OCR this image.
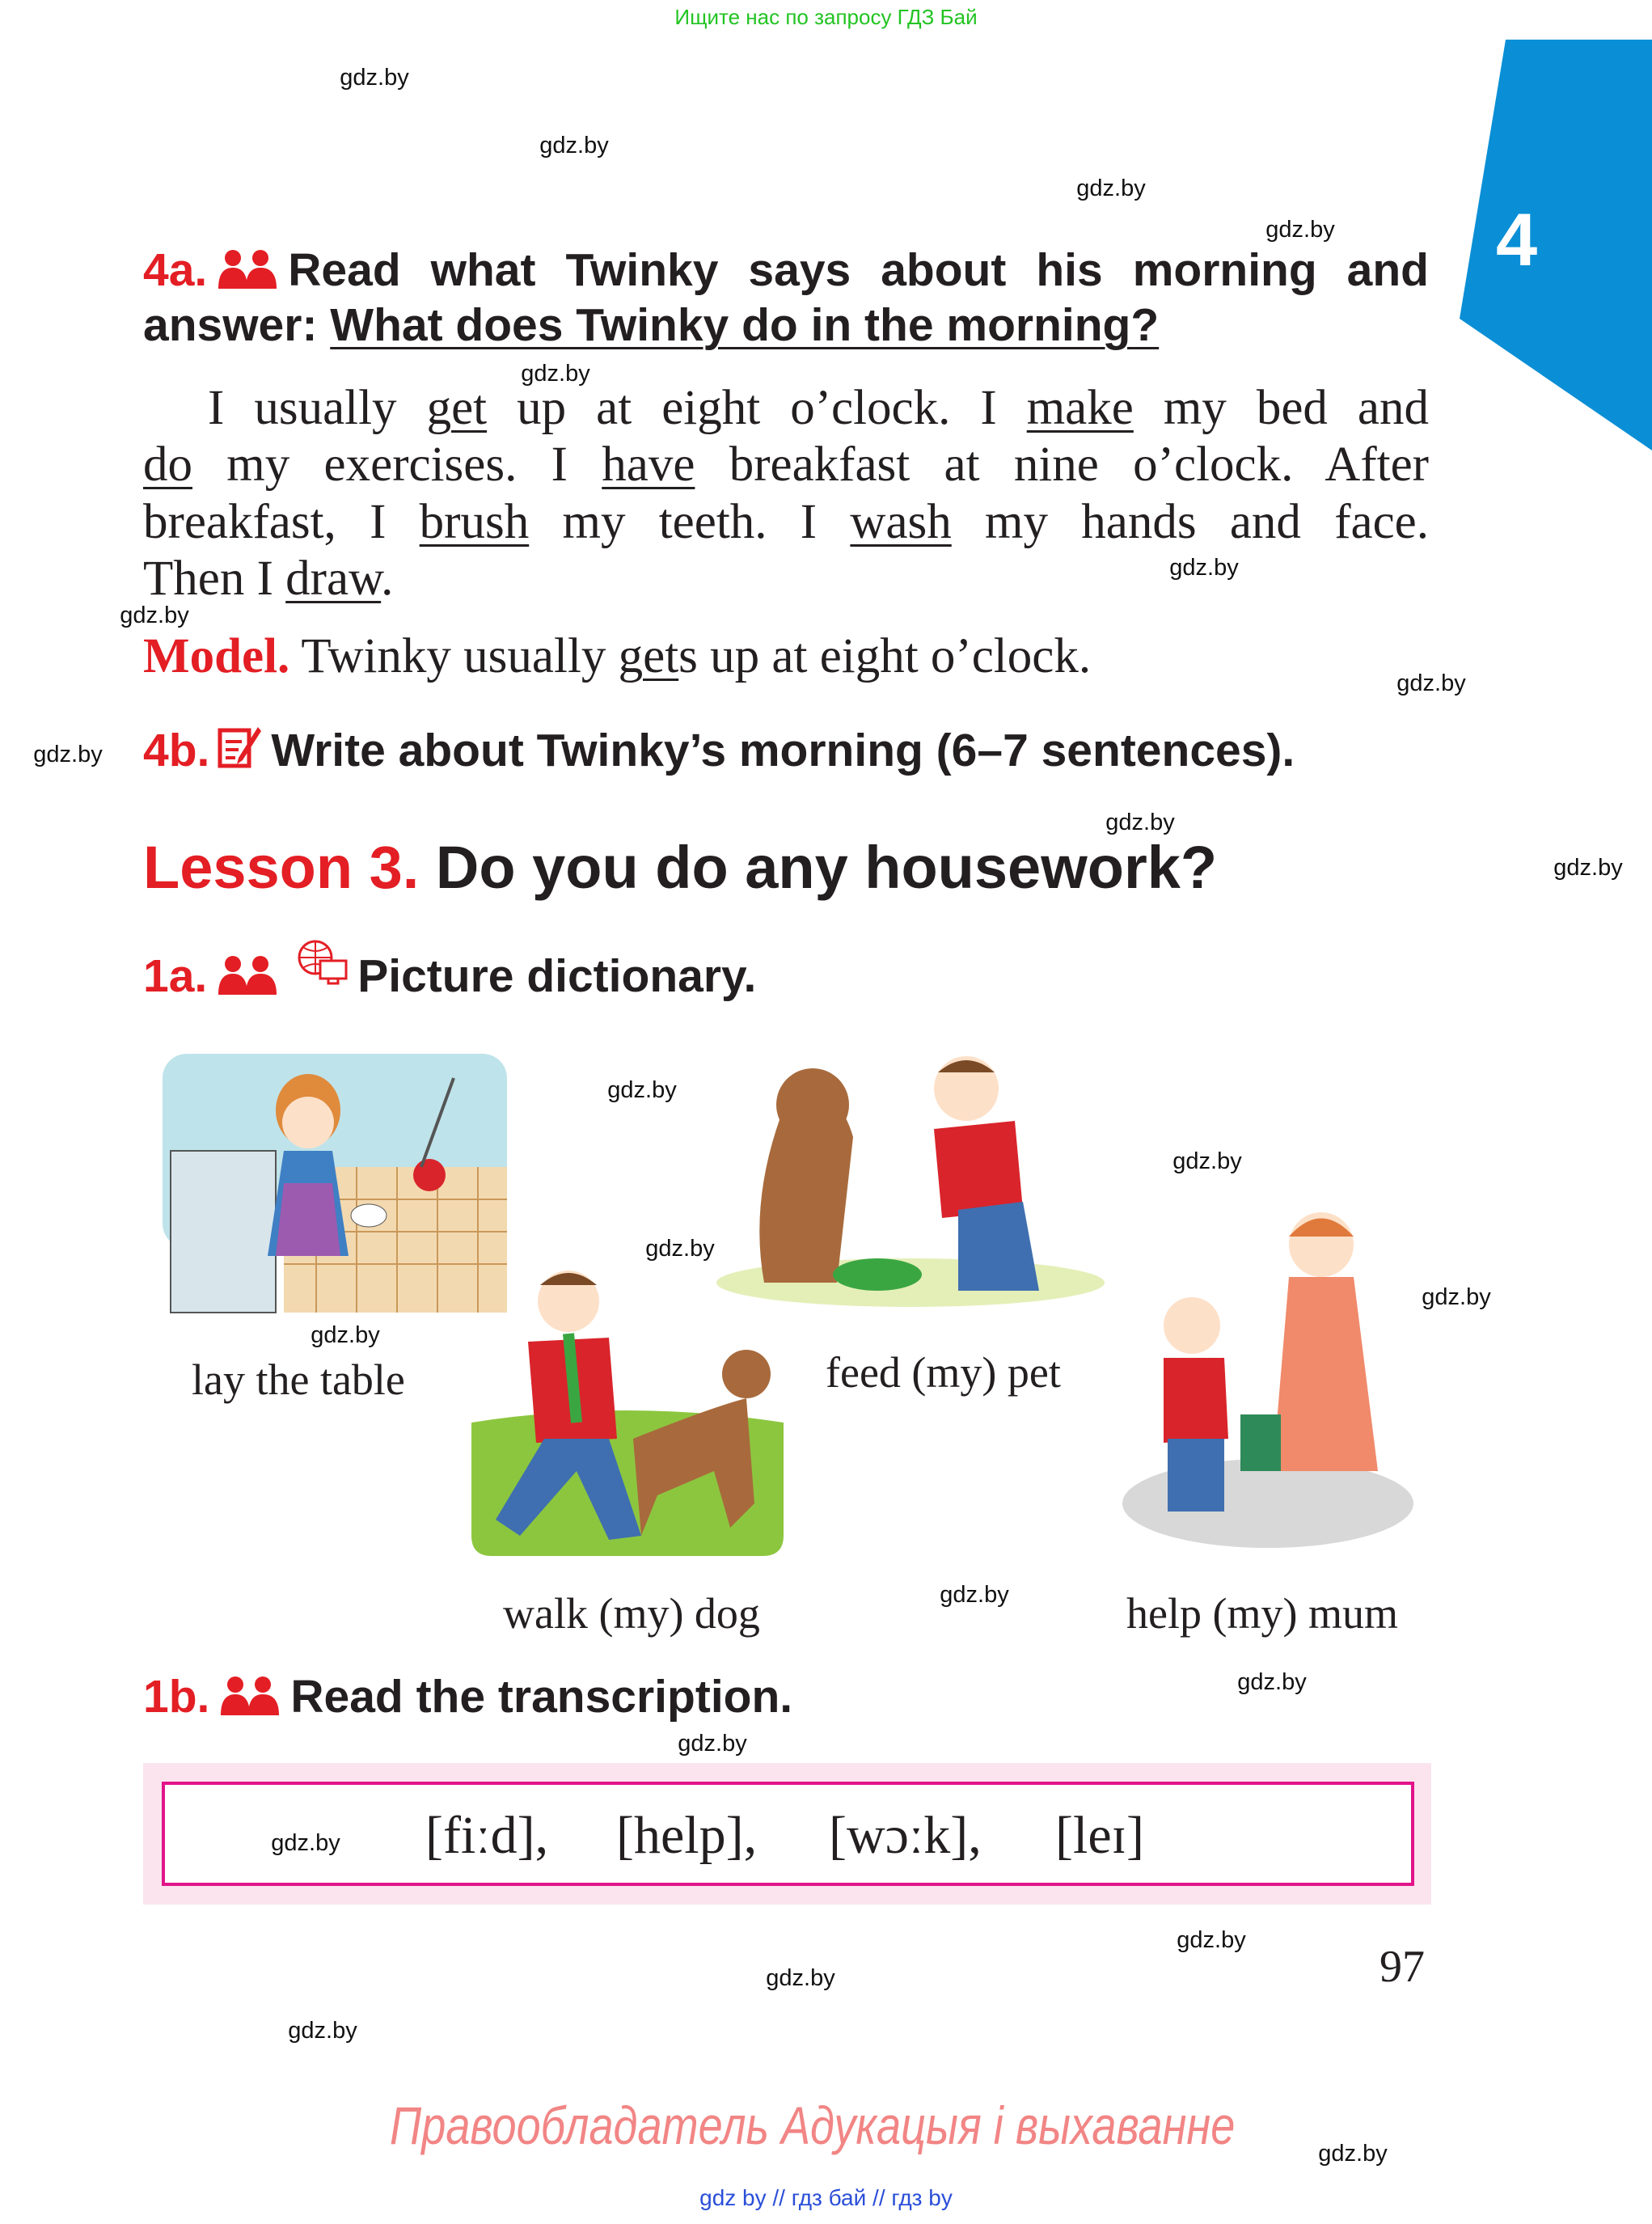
Ищите нас по запросу ГДЗ Бай
4
4a. Read what Twinky says about his morning and
answer: What does Twinky do in the morning?
I usually get up at eight o’clock. I make my bed and
do my exercises. I have breakfast at nine o’clock. After
breakfast, I brush my teeth. I wash my hands and face.
Then I draw.
Model. Twinky usually gets up at eight o’clock.
4b. Write about Twinky’s morning (6–7 sentences).
Lesson 3. Do you do any housework?
1a.	Picture dictionary.
lay the table	feed (my) pet
walk (my) dog	help (my) mum
1b. Read the transcription.
[fiːd], [help], [wɔːk], [leɪ]
97
Правообладатель Адукацыя і выхаванне
gdz by // гдз бай // гдз by
gdz.by
gdz.by
gdz.by
gdz.by
gdz.by
gdz.by
gdz.by
gdz.by
gdz.by
gdz.by
gdz.by
gdz.by
gdz.by
gdz.by
gdz.by
gdz.by
gdz.by
gdz.by
gdz.by
gdz.by
gdz.by
gdz.by
gdz.by
gdz.by
